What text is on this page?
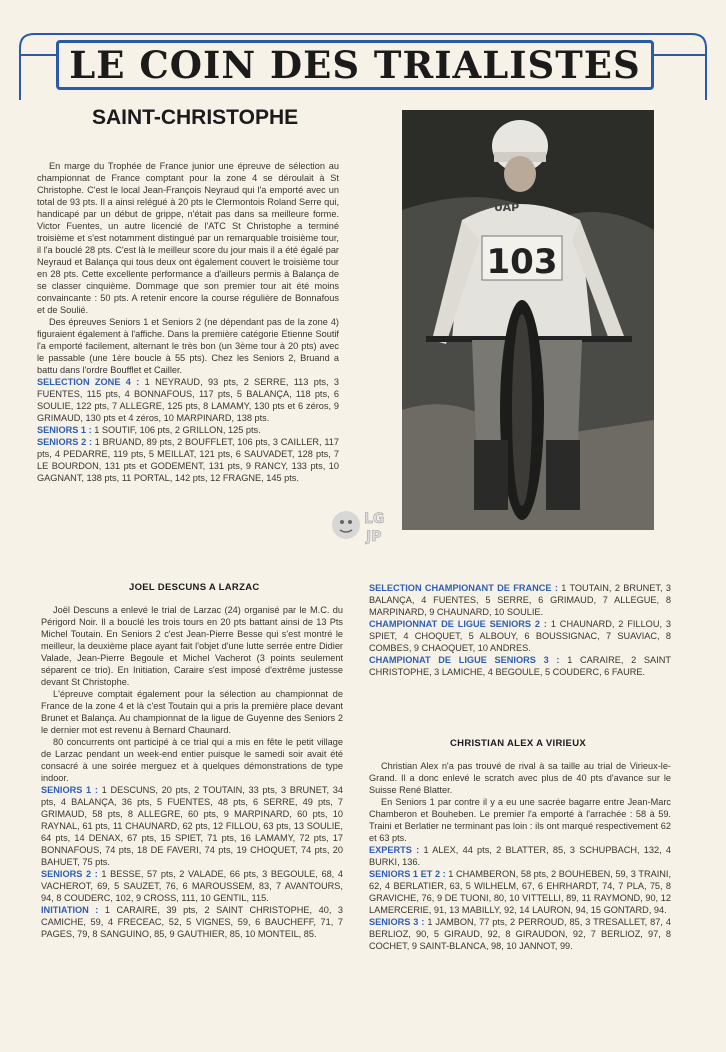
LE COIN DES TRIALISTES
SAINT-CHRISTOPHE

En marge du Trophée de France junior une épreuve de sélection au championnat de France comptant pour la zone 4 se déroulait à St Christophe. C'est le local Jean-François Neyraud qui l'a emporté avec un total de 93 pts. Il a ainsi relégué à 20 pts le Clermontois Roland Serre qui, handicapé par un début de grippe, n'était pas dans sa meilleure forme. Victor Fuentes, un autre licencié de l'ATC St Christophe a terminé troisième et s'est notamment distingué par un remarquable troisième tour, il l'a bouclé 28 pts. C'est là le meilleur score du jour mais il a été égalé par Neyraud et Balança qui tous deux ont également couvert le troisième tour en 28 pts. Cette excellente performance a d'ailleurs permis à Balança de se classer cinquième. Dommage que son premier tour ait été moins convaincante : 50 pts. A retenir encore la course régulière de Bonnafous et de Soulié.

Des épreuves Seniors 1 et Seniors 2 (ne dépendant pas de la zone 4) figuraient également à l'affiche. Dans la première catégorie Etienne Soutif l'a emporté facilement, alternant le très bon (un 3ème tour à 20 pts) avec le passable (une 1ère boucle à 55 pts). Chez les Seniors 2, Bruand a battu dans l'ordre Boufflet et Cailler.

SELECTION ZONE 4 : 1 NEYRAUD, 93 pts, 2 SERRE, 113 pts, 3 FUENTES, 115 pts, 4 BONNAFOUS, 117 pts, 5 BALANÇA, 118 pts, 6 SOULIE, 122 pts, 7 ALLEGRE, 125 pts, 8 LAMAMY, 130 pts et 6 zéros, 9 GRIMAUD, 130 pts et 4 zéros, 10 MARPINARD, 138 pts.

SENIORS 1 : 1 SOUTIF, 106 pts, 2 GRILLON, 125 pts.

SENIORS 2 : 1 BRUAND, 89 pts, 2 BOUFFLET, 106 pts, 3 CAILLER, 117 pts, 4 PEDARRE, 119 pts, 5 MEILLAT, 121 pts, 6 SAUVADET, 128 pts, 7 LE BOURDON, 131 pts et GODEMENT, 131 pts, 9 RANCY, 133 pts, 10 GAGNANT, 138 pts, 11 PORTAL, 142 pts, 12 FRAGNE, 145 pts.

103
UAP
LG
JP
JOEL DESCUNS A LARZAC

Joël Descuns a enlevé le trial de Larzac (24) organisé par le M.C. du Périgord Noir. Il a bouclé les trois tours en 20 pts battant ainsi de 13 Pts Michel Toutain. En Seniors 2 c'est Jean-Pierre Besse qui s'est montré le meilleur, la deuxième place ayant fait l'objet d'une lutte serrée entre Didier Valade, Jean-Pierre Begoule et Michel Vacherot (3 points seulement séparent ce trio). En Initiation, Caraire s'est imposé d'extrême justesse devant St Christophe.

L'épreuve comptait également pour la sélection au championnat de France de la zone 4 et là c'est Toutain qui a pris la première place devant Brunet et Balança. Au championnat de la ligue de Guyenne des Seniors 2 le dernier mot est revenu à Bernard Chaunard.

80 concurrents ont participé à ce trial qui a mis en fête le petit village de Larzac pendant un week-end entier puisque le samedi soir avait été consacré à une soirée merguez et à quelques démonstrations de type indoor.

SENIORS 1 : 1 DESCUNS, 20 pts, 2 TOUTAIN, 33 pts, 3 BRUNET, 34 pts, 4 BALANÇA, 36 pts, 5 FUENTES, 48 pts, 6 SERRE, 49 pts, 7 GRIMAUD, 58 pts, 8 ALLEGRE, 60 pts, 9 MARPINARD, 60 pts, 10 RAYNAL, 61 pts, 11 CHAUNARD, 62 pts, 12 FILLOU, 63 pts, 13 SOULIE, 64 pts, 14 DENAX, 67 pts, 15 SPIET, 71 pts, 16 LAMAMY, 72 pts, 17 BONNAFOUS, 74 pts, 18 DE FAVERI, 74 pts, 19 CHOQUET, 74 pts, 20 BAHUET, 75 pts.

SENIORS 2 : 1 BESSE, 57 pts, 2 VALADE, 66 pts, 3 BEGOULE, 68, 4 VACHEROT, 69, 5 SAUZET, 76, 6 MAROUSSEM, 83, 7 AVANTOURS, 94, 8 COUDERC, 102, 9 CROSS, 111, 10 GENTIL, 115.

INITIATION : 1 CARAIRE, 39 pts, 2 SAINT CHRISTOPHE, 40, 3 CAMICHE, 59, 4 FRECEAC, 52, 5 VIGNES, 59, 6 BAUCHEFF, 71, 7 PAGES, 79, 8 SANGUINO, 85, 9 GAUTHIER, 85, 10 MONTEIL, 85.

SELECTION CHAMPIONANT DE FRANCE : 1 TOUTAIN, 2 BRUNET, 3 BALANÇA, 4 FUENTES, 5 SERRE, 6 GRIMAUD, 7 ALLEGUE, 8 MARPINARD, 9 CHAUNARD, 10 SOULIE.

CHAMPIONNAT DE LIGUE SENIORS 2 : 1 CHAUNARD, 2 FILLOU, 3 SPIET, 4 CHOQUET, 5 ALBOUY, 6 BOUSSIGNAC, 7 SUAVIAC, 8 COMBES, 9 CHAOQUET, 10 ANDRES.

CHAMPIONAT DE LIGUE SENIORS 3 : 1 CARAIRE, 2 SAINT CHRISTOPHE, 3 LAMICHE, 4 BEGOULE, 5 COUDERC, 6 FAURE.

CHRISTIAN ALEX A VIRIEUX

Christian Alex n'a pas trouvé de rival à sa taille au trial de Virieux-le-Grand. Il a donc enlevé le scratch avec plus de 40 pts d'avance sur le Suisse René Blatter.

En Seniors 1 par contre il y a eu une sacrée bagarre entre Jean-Marc Chamberon et Bouheben. Le premier l'a emporté à l'arrachée : 58 à 59. Traini et Berlatier ne terminant pas loin : ils ont marqué respectivement 62 et 63 pts.

EXPERTS : 1 ALEX, 44 pts, 2 BLATTER, 85, 3 SCHUPBACH, 132, 4 BURKI, 136.

SENIORS 1 ET 2 : 1 CHAMBERON, 58 pts, 2 BOUHEBEN, 59, 3 TRAINI, 62, 4 BERLATIER, 63, 5 WILHELM, 67, 6 EHRHARDT, 74, 7 PLA, 75, 8 GRAVICHE, 76, 9 DE TUONI, 80, 10 VITTELLI, 89, 11 RAYMOND, 90, 12 LAMERCERIE, 91, 13 MABILLY, 92, 14 LAURON, 94, 15 GONTARD, 94.

SENIORS 3 : 1 JAMBON, 77 pts, 2 PERROUD, 85, 3 TRESALLET, 87, 4 BERLIOZ, 90, 5 GIRAUD, 92, 8 GIRAUDON, 92, 7 BERLIOZ, 97, 8 COCHET, 9 SAINT-BLANCA, 98, 10 JANNOT, 99.
